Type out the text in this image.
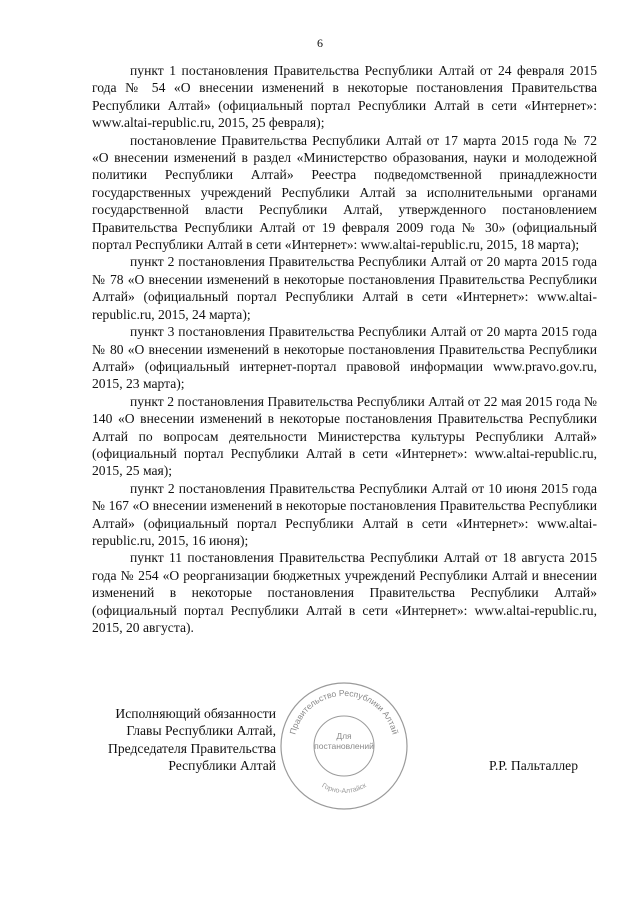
6

пункт 1 постановления Правительства Республики Алтай от 24 февраля 2015 года № 54 «О внесении изменений в некоторые постановления Правительства Республики Алтай» (официальный портал Республики Алтай в сети «Интернет»: www.altai-republic.ru, 2015, 25 февраля);

постановление Правительства Республики Алтай от 17 марта 2015 года № 72 «О внесении изменений в раздел «Министерство образования, науки и молодежной политики Республики Алтай» Реестра подведомственной принадлежности государственных учреждений Республики Алтай за исполнительными органами государственной власти Республики Алтай, утвержденного постановлением Правительства Республики Алтай от 19 февраля 2009 года № 30» (официальный портал Республики Алтай в сети «Интернет»: www.altai-republic.ru, 2015, 18 марта);

пункт 2 постановления Правительства Республики Алтай от 20 марта 2015 года № 78 «О внесении изменений в некоторые постановления Правительства Республики Алтай» (официальный портал Республики Алтай в сети «Интернет»: www.altai-republic.ru, 2015, 24 марта);

пункт 3 постановления Правительства Республики Алтай от 20 марта 2015 года № 80 «О внесении изменений в некоторые постановления Правительства Республики Алтай» (официальный интернет-портал правовой информации www.pravo.gov.ru, 2015, 23 марта);

пункт 2 постановления Правительства Республики Алтай от 22 мая 2015 года № 140 «О внесении изменений в некоторые постановления Правительства Республики Алтай по вопросам деятельности Министерства культуры Республики Алтай» (официальный портал Республики Алтай в сети «Интернет»: www.altai-republic.ru, 2015, 25 мая);

пункт 2 постановления Правительства Республики Алтай от 10 июня 2015 года № 167 «О внесении изменений в некоторые постановления Правительства Республики Алтай» (официальный портал Республики Алтай в сети «Интернет»: www.altai-republic.ru, 2015, 16 июня);

пункт 11 постановления Правительства Республики Алтай от 18 августа 2015 года № 254 «О реорганизации бюджетных учреждений Республики Алтай и внесении изменений в некоторые постановления Правительства Республики Алтай» (официальный портал Республики Алтай в сети «Интернет»: www.altai-republic.ru, 2015, 20 августа).

Исполняющий обязанности
Главы Республики Алтай,
Председателя Правительства
Республики Алтай	Р.Р. Пальталлер
Правительство Республики Алтай
Горно-Алтайск
Для постановлений
